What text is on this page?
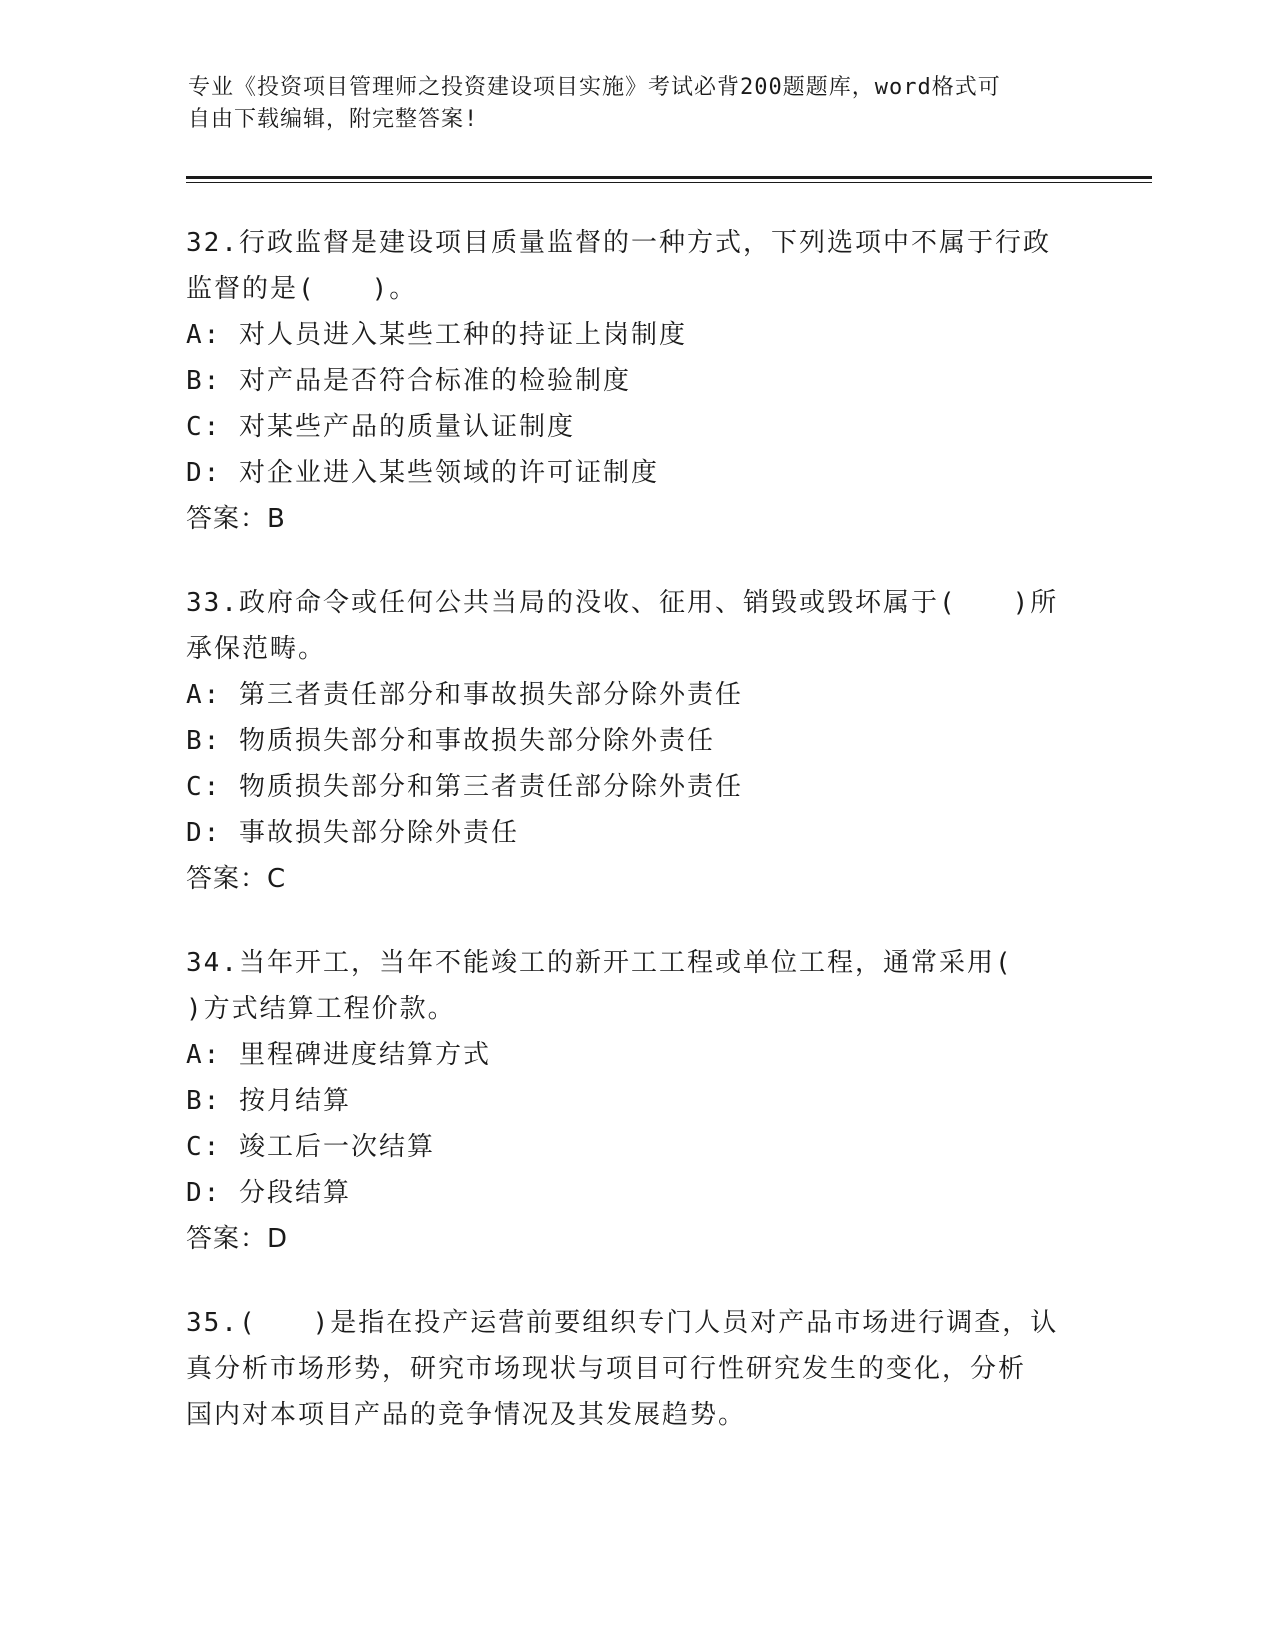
专业《投资项目管理师之投资建设项目实施》考试必背200题题库，word格式可
自由下载编辑，附完整答案!

32.行政监督是建设项目质量监督的一种方式，下列选项中不属于行政

监督的是(　　)。

A: 对人员进入某些工种的持证上岗制度

B: 对产品是否符合标准的检验制度

C: 对某些产品的质量认证制度

D: 对企业进入某些领域的许可证制度

答案：B

33.政府命令或任何公共当局的没收、征用、销毁或毁坏属于(　　)所

承保范畴。

A: 第三者责任部分和事故损失部分除外责任

B: 物质损失部分和事故损失部分除外责任

C: 物质损失部分和第三者责任部分除外责任

D: 事故损失部分除外责任

答案：C

34.当年开工，当年不能竣工的新开工工程或单位工程，通常采用(

)方式结算工程价款。

A: 里程碑进度结算方式

B: 按月结算

C: 竣工后一次结算

D: 分段结算

答案：D

35.(　　)是指在投产运营前要组织专门人员对产品市场进行调查，认

真分析市场形势，研究市场现状与项目可行性研究发生的变化，分析

国内对本项目产品的竞争情况及其发展趋势。
